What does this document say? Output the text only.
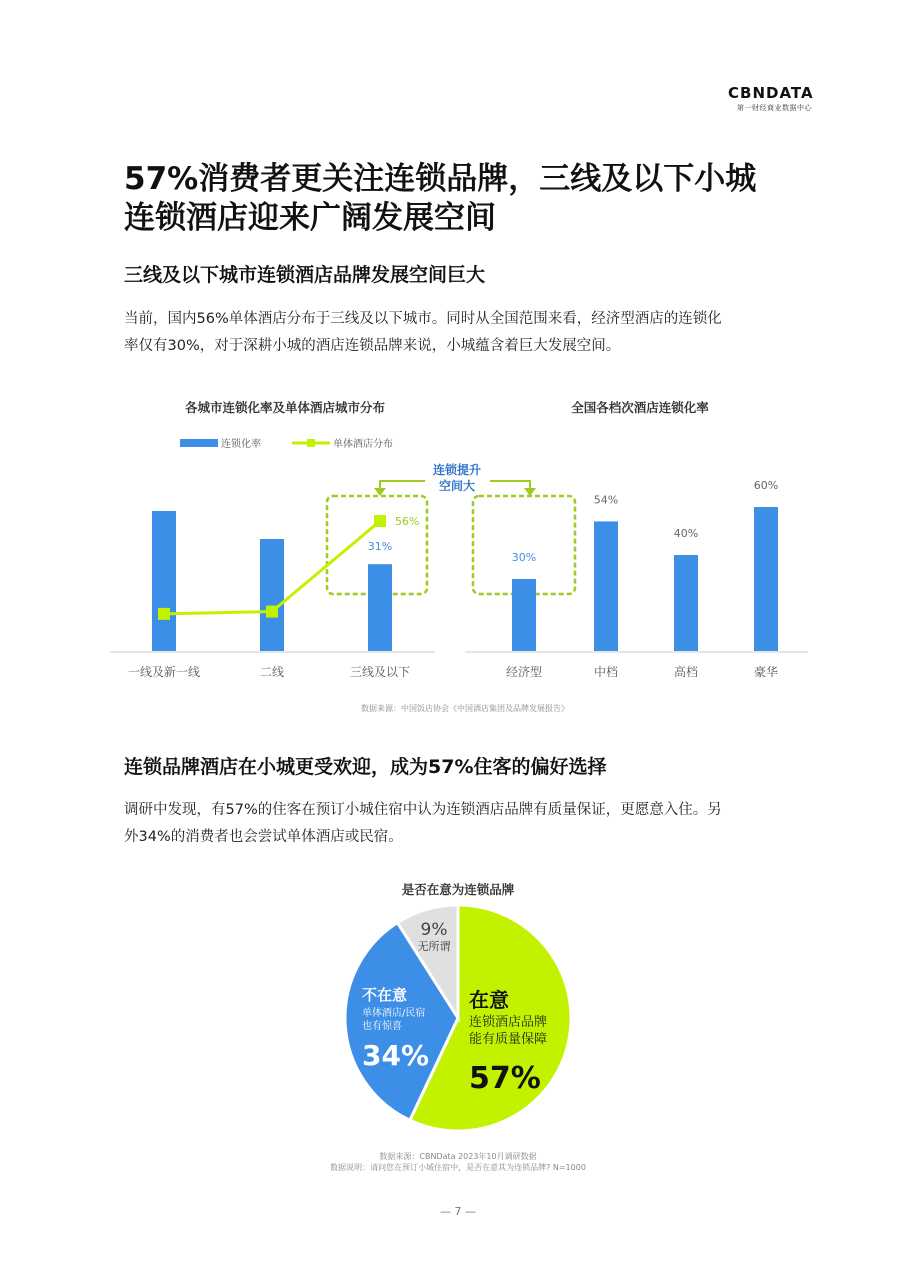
CBNDATA
第一财经商业数据中心
57%消费者更关注连锁品牌，三线及以下小城
连锁酒店迎来广阔发展空间
三线及以下城市连锁酒店品牌发展空间巨大
当前，国内56%单体酒店分布于三线及以下城市。同时从全国范围来看，经济型酒店的连锁化
率仅有30%，对于深耕小城的酒店连锁品牌来说，小城蕴含着巨大发展空间。
各城市连锁化率及单体酒店城市分布	全国各档次酒店连锁化率
连锁化率	单体酒店分布
连锁提升
空间大
一线及新一线	二线
31%
三线及以下
56%
30%
经济型
54%
中档
40%
高档
60%
豪华
数据来源：中国饭店协会《中国酒店集团及品牌发展报告》
连锁品牌酒店在小城更受欢迎，成为57%住客的偏好选择
调研中发现，有57%的住客在预订小城住宿中认为连锁酒店品牌有质量保证，更愿意入住。另
外34%的消费者也会尝试单体酒店或民宿。
是否在意为连锁品牌
在意
连锁酒店品牌
能有质量保障
57%
不在意
单体酒店/民宿
也有惊喜
34%
9%
无所谓
数据来源：CBNData 2023年10月调研数据
数据说明：请问您在预订小城住宿中，是否在意其为连锁品牌? N=1000
— 7 —
